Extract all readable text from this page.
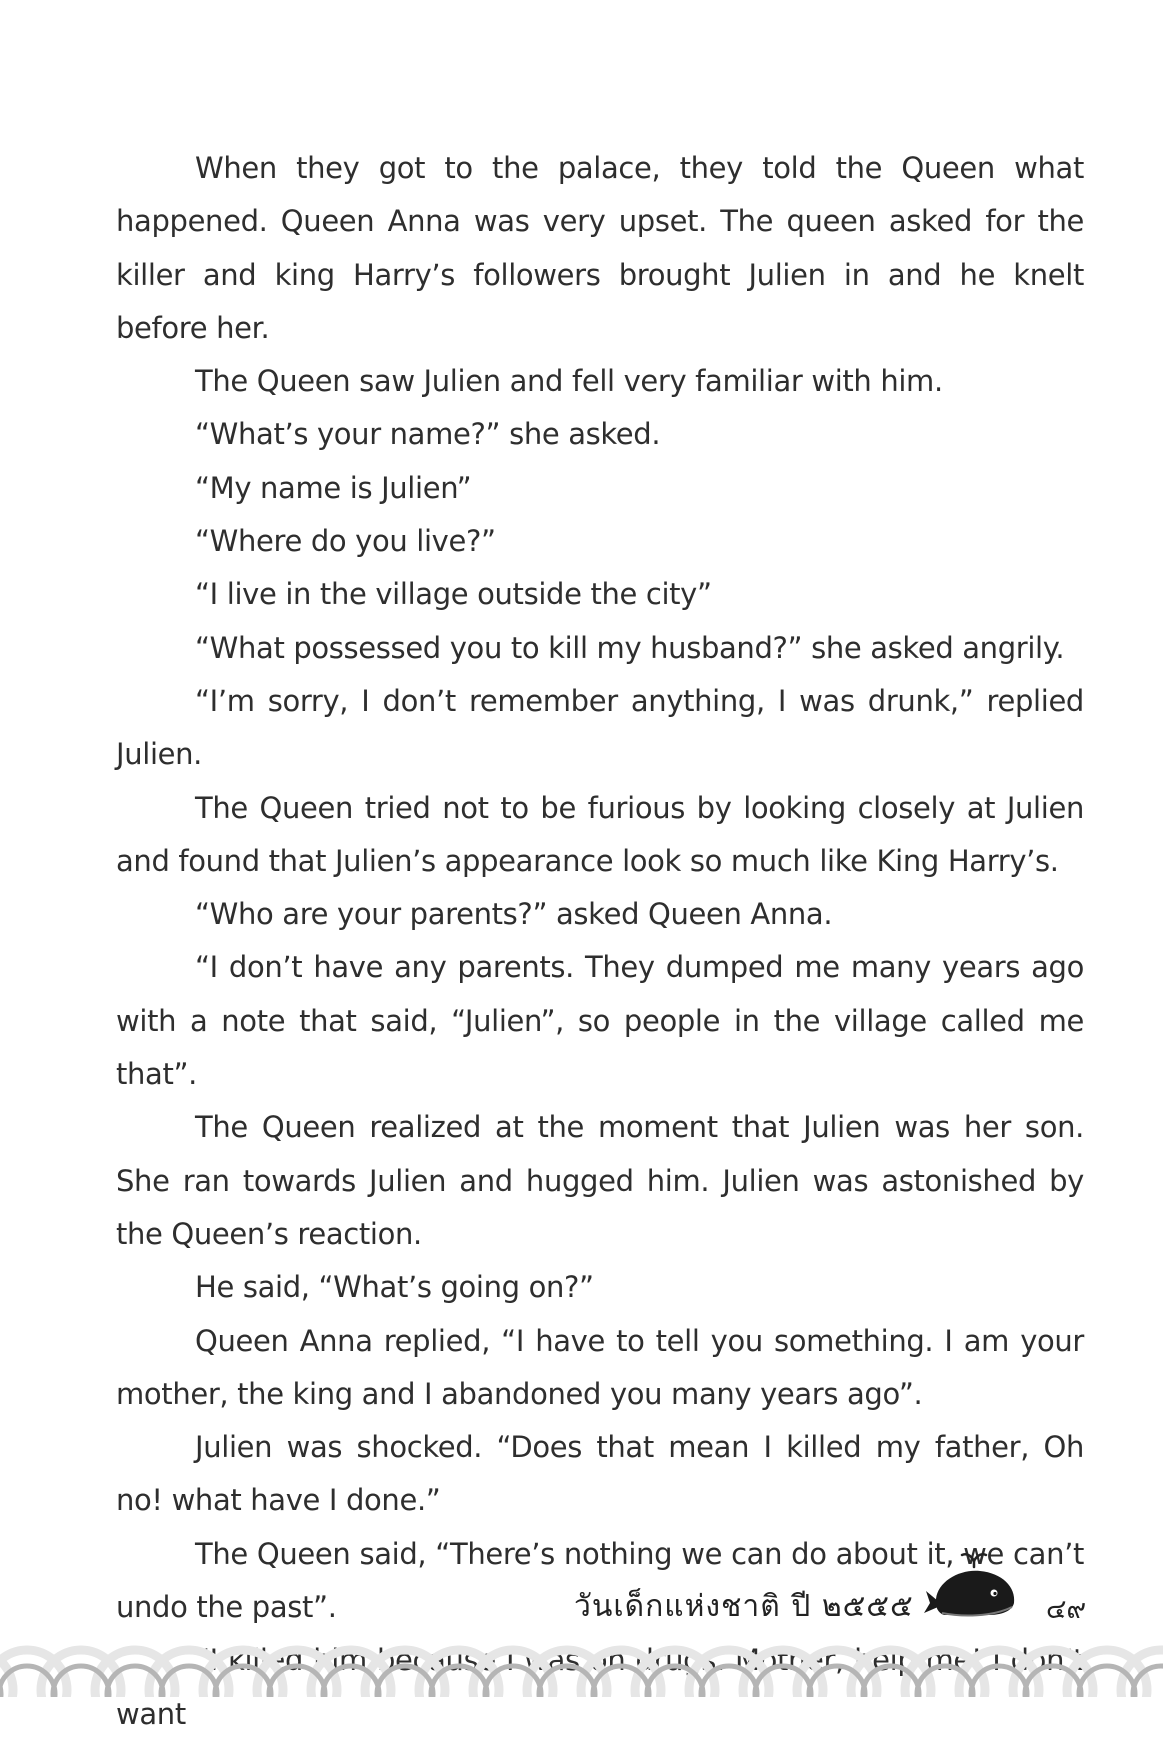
When they got to the palace, they told the Queen what happened. Queen Anna was very upset. The queen asked for the killer and king Harry’s followers brought Julien in and he knelt before her.

The Queen saw Julien and fell very familiar with him.

“What’s your name?” she asked.

“My name is Julien”

“Where do you live?”

“I live in the village outside the city”

“What possessed you to kill my husband?” she asked angrily.

“I’m sorry, I don’t remember anything, I was drunk,” replied Julien.

The Queen tried not to be furious by looking closely at Julien and found that Julien’s appearance look so much like King Harry’s.

“Who are your parents?” asked Queen Anna.

“I don’t have any parents. They dumped me many years ago with a note that said, “Julien”, so people in the village called me that”.

The Queen realized at the moment that Julien was her son. She ran towards Julien and hugged him. Julien was astonished by the Queen’s reaction.

He said, “What’s going on?”

Queen Anna replied, “I have to tell you something. I am your mother, the king and I abandoned you many years ago”.

Julien was shocked. “Does that mean I killed my father, Oh no! what have I done.”

The Queen said, “There’s nothing we can do about it, we can’t undo the past”.

“I killed him because I was on drugs. Mother, help me! I don’t want

วันเด็กแห่งชาติ ปี ๒๕๕๕	๔๙
